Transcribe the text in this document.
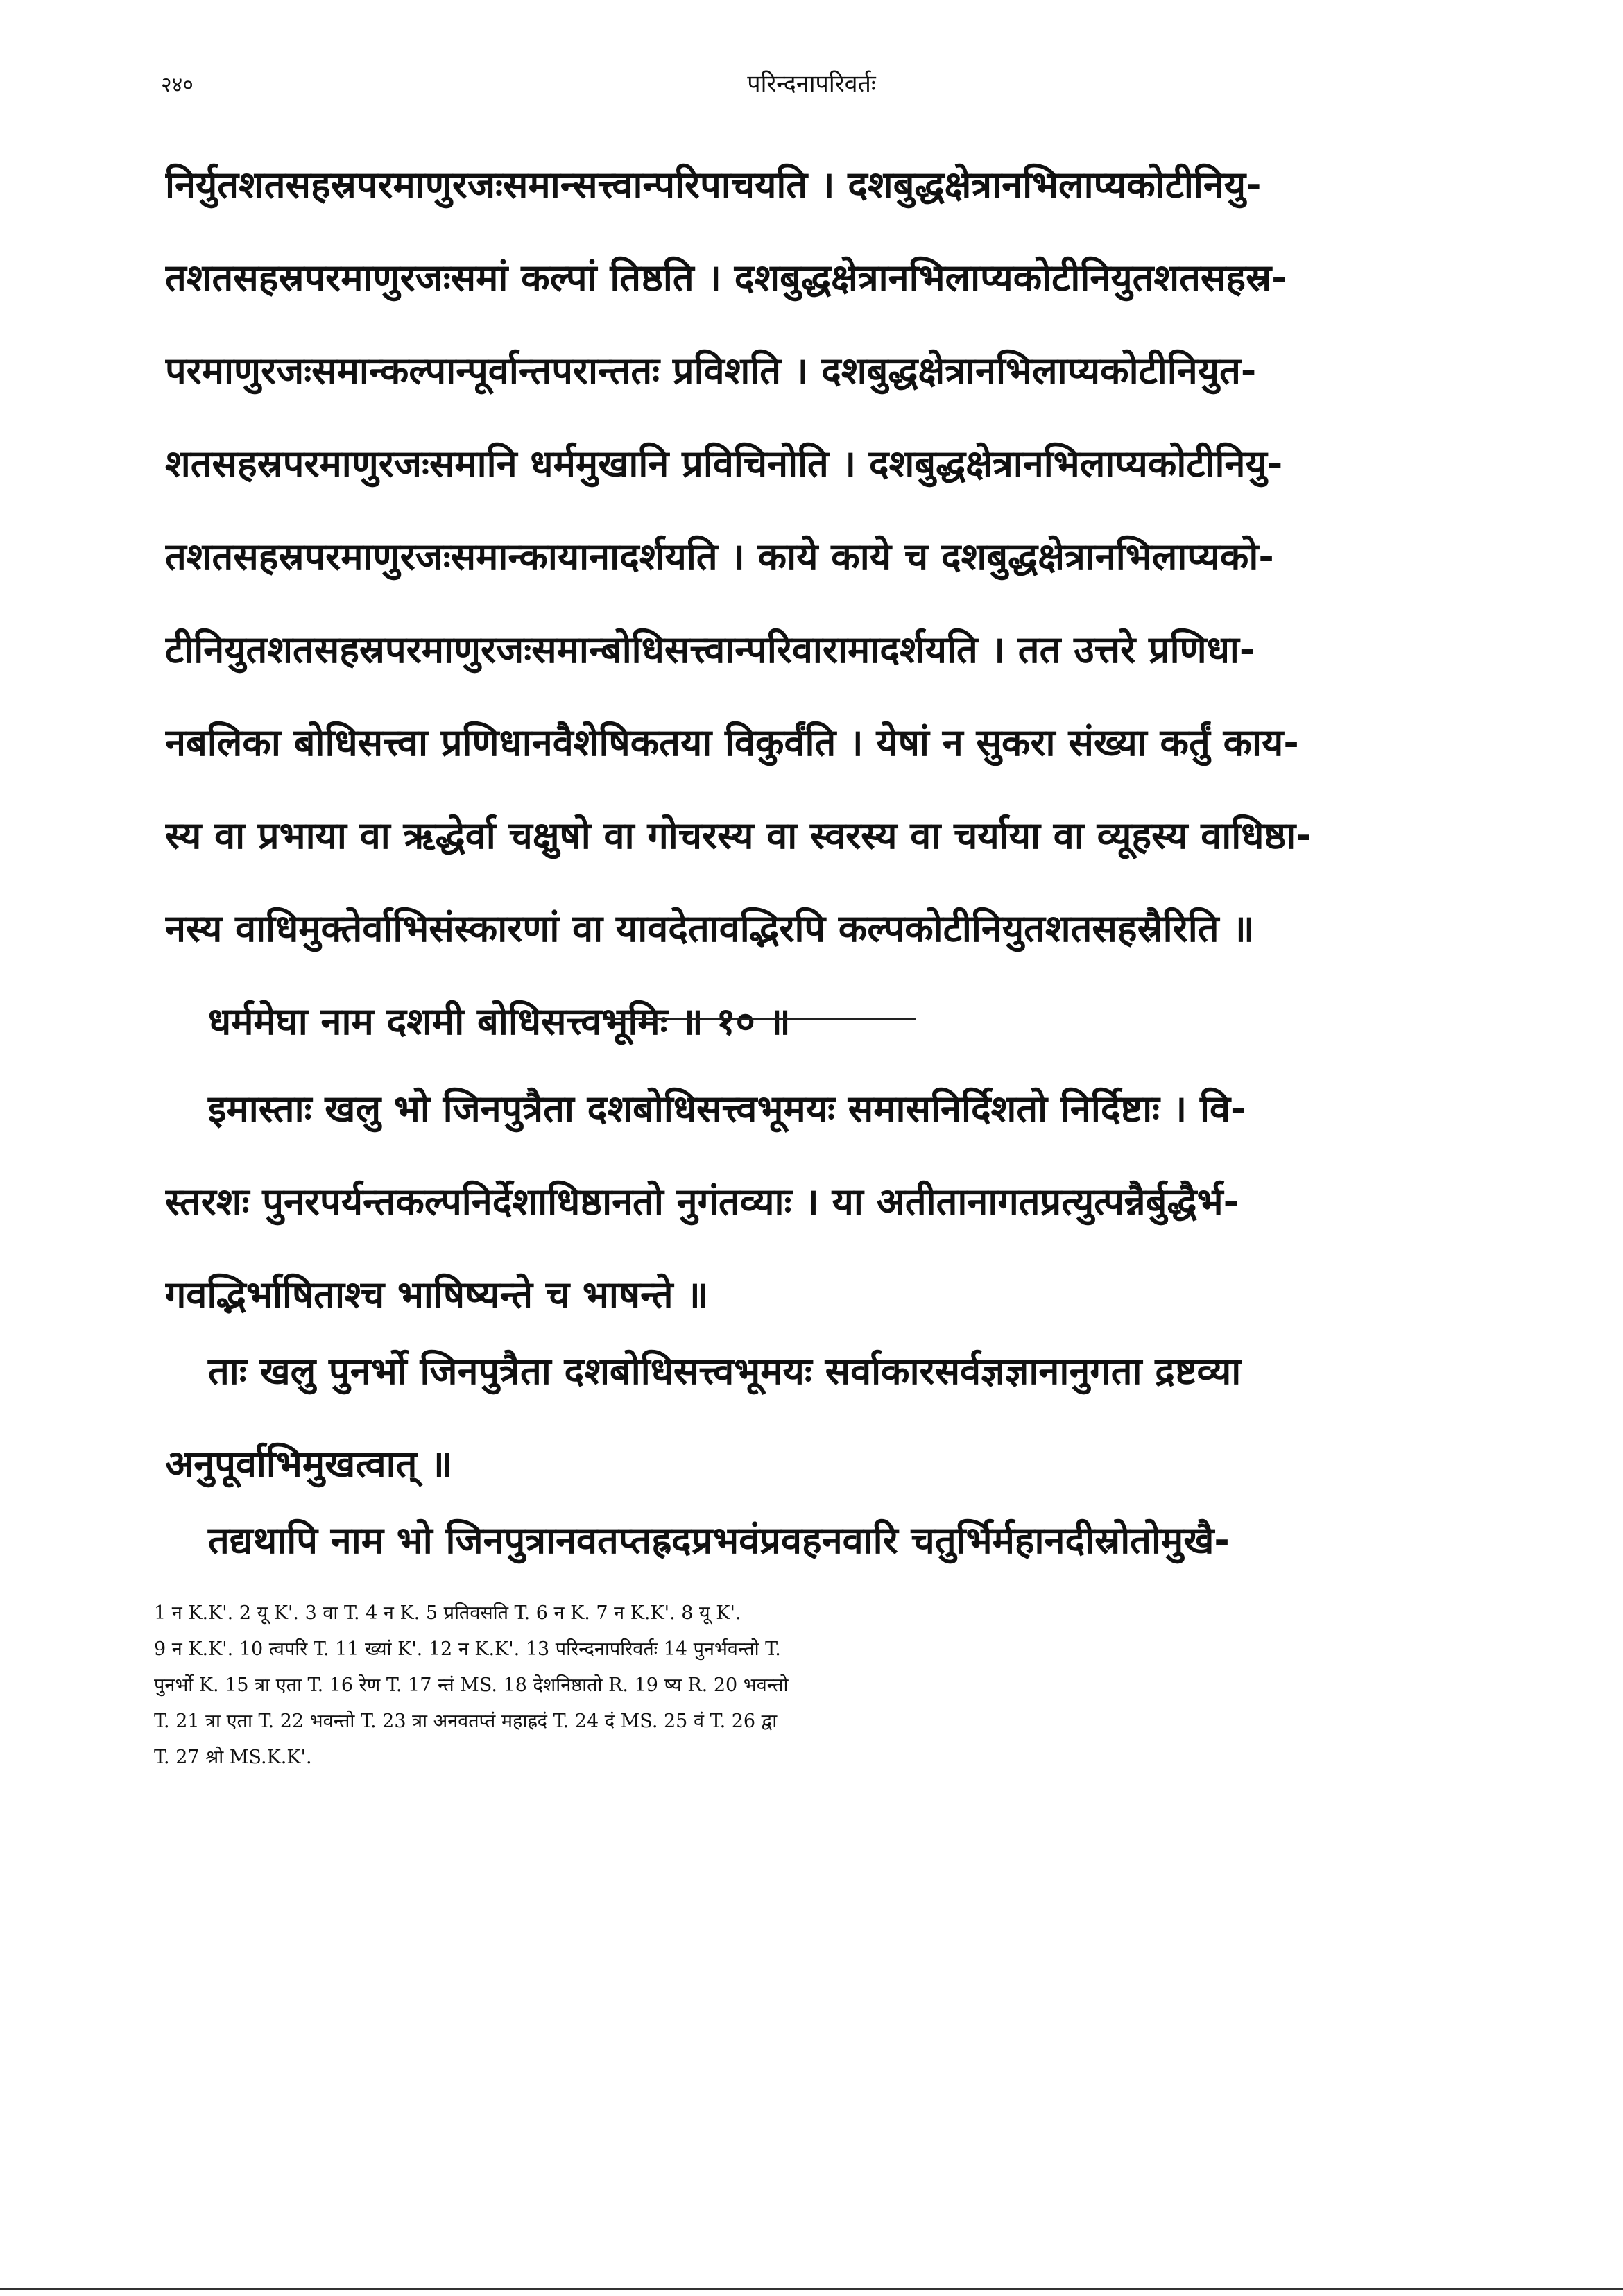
२४०	परिन्दनापरिवर्तः
निर्युतशतसहस्रपरमाणुरजःसमान्सत्त्वान्परिपाचयति । दशबुद्धक्षेत्रानभिलाप्यकोटीनियु-
तशतसहस्रपरमाणुरजःसमां कल्पां तिष्ठति । दशबुद्धक्षेत्रानभिलाप्यकोटीनियुतशतसहस्र-
परमाणुरजःसमान्कल्पान्पूर्वान्तपरान्ततः प्रविशति । दशबुद्धक्षेत्रानभिलाप्यकोटीनियुत-
शतसहस्रपरमाणुरजःसमानि धर्ममुखानि प्रविचिनोति । दशबुद्धक्षेत्रानभिलाप्यकोटीनियु-
तशतसहस्रपरमाणुरजःसमान्कायानादर्शयति । काये काये च दशबुद्धक्षेत्रानभिलाप्यको-
टीनियुतशतसहस्रपरमाणुरजःसमान्बोधिसत्त्वान्परिवारामादर्शयति । तत उत्तरे प्रणिधा-
नबलिका बोधिसत्त्वा प्रणिधानवैशेषिकतया विकुर्वंति । येषां न सुकरा संख्या कर्तुं काय-
स्य वा प्रभाया वा ऋद्धेर्वा चक्षुषो वा गोचरस्य वा स्वरस्य वा चर्याया वा व्यूहस्य वाधिष्ठा-
नस्य वाधिमुक्तेर्वाभिसंस्कारणां वा यावदेतावद्भिरपि कल्पकोटीनियुतशतसहस्रैरिति ॥
धर्ममेघा नाम दशमी बोधिसत्त्वभूमिः ॥ १० ॥
इमास्ताः खलु भो जिनपुत्रैता दशबोधिसत्त्वभूमयः समासनिर्दिशतो निर्दिष्टाः । वि-
स्तरशः पुनरपर्यन्तकल्पनिर्देशाधिष्ठानतो नुगंतव्याः । या अतीतानागतप्रत्युत्पन्नैर्बुद्धैर्भ-
गवद्भिर्भाषिताश्च भाषिष्यन्ते च भाषन्ते ॥
ताः खलु पुनर्भो जिनपुत्रैता दशबोधिसत्त्वभूमयः सर्वाकारसर्वज्ञज्ञानानुगता द्रष्टव्या
अनुपूर्वाभिमुखत्वात् ॥
तद्यथापि नाम भो जिनपुत्रानवतप्तह्रदप्रभवंप्रवहनवारि चतुर्भिर्महानदीस्रोतोमुखै-
1 न K.K'. 2 यू K'. 3 वा T. 4 न K. 5 प्रतिवसति T. 6 न K. 7 न K.K'. 8 यू K'.
9 न K.K'. 10 त्वपरि T. 11 ख्यां K'. 12 न K.K'. 13 परिन्दनापरिवर्तः 14 पुनर्भवन्तो T.
पुनर्भो K. 15 त्रा एता T. 16 रेण T. 17 न्तं MS. 18 देशनिष्ठातो R. 19 ष्य R. 20 भवन्तो
T. 21 त्रा एता T. 22 भवन्तो T. 23 त्रा अनवतप्तं महाह्रदं T. 24 दं MS. 25 वं T. 26 द्वा
T. 27 श्रो MS.K.K'.
